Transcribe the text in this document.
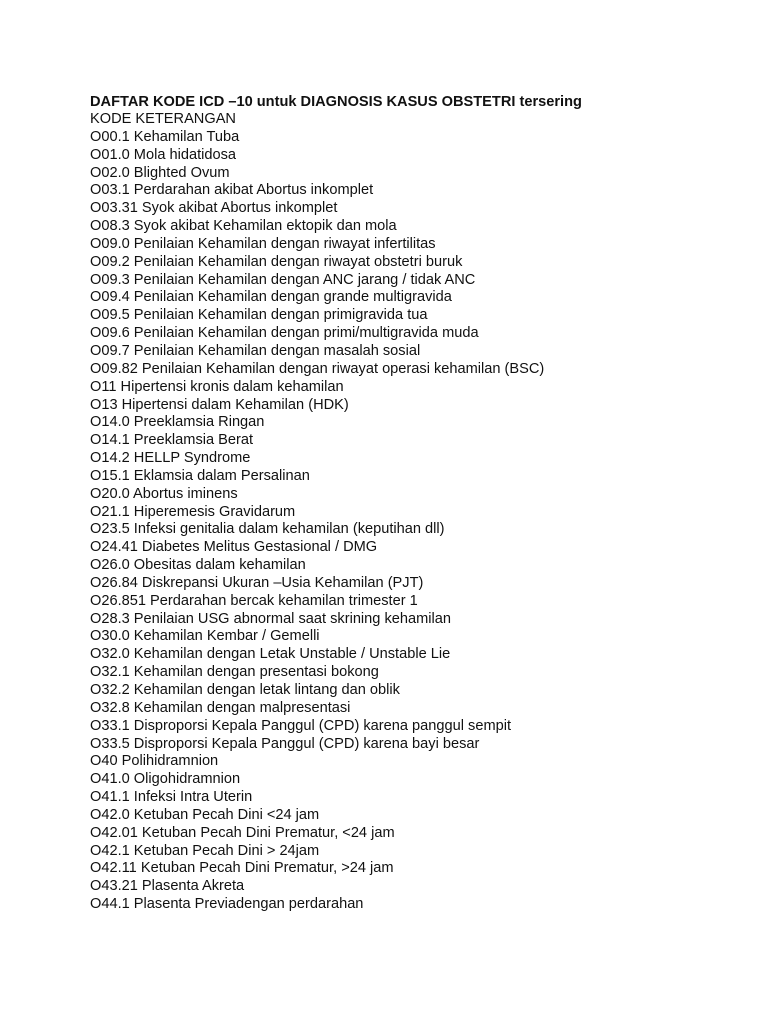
DAFTAR KODE ICD –10 untuk DIAGNOSIS KASUS OBSTETRI tersering
KODE KETERANGAN
O00.1 Kehamilan Tuba
O01.0 Mola hidatidosa
O02.0 Blighted Ovum
O03.1 Perdarahan akibat Abortus inkomplet
O03.31 Syok akibat Abortus inkomplet
O08.3 Syok akibat Kehamilan ektopik dan mola
O09.0 Penilaian Kehamilan dengan riwayat infertilitas
O09.2 Penilaian Kehamilan dengan riwayat obstetri buruk
O09.3 Penilaian Kehamilan dengan ANC jarang / tidak ANC
O09.4 Penilaian Kehamilan dengan grande multigravida
O09.5 Penilaian Kehamilan dengan primigravida tua
O09.6 Penilaian Kehamilan dengan primi/multigravida muda
O09.7 Penilaian Kehamilan dengan masalah sosial
O09.82 Penilaian Kehamilan dengan riwayat operasi kehamilan (BSC)
O11 Hipertensi kronis dalam kehamilan
O13 Hipertensi dalam Kehamilan (HDK)
O14.0 Preeklamsia Ringan
O14.1 Preeklamsia Berat
O14.2 HELLP Syndrome
O15.1 Eklamsia dalam Persalinan
O20.0 Abortus iminens
O21.1 Hiperemesis Gravidarum
O23.5 Infeksi genitalia dalam kehamilan (keputihan dll)
O24.41 Diabetes Melitus Gestasional / DMG
O26.0 Obesitas dalam kehamilan
O26.84 Diskrepansi Ukuran –Usia Kehamilan (PJT)
O26.851 Perdarahan bercak kehamilan trimester 1
O28.3 Penilaian USG abnormal saat skrining kehamilan
O30.0 Kehamilan Kembar / Gemelli
O32.0 Kehamilan dengan Letak Unstable / Unstable Lie
O32.1 Kehamilan dengan presentasi bokong
O32.2 Kehamilan dengan letak lintang dan oblik
O32.8 Kehamilan dengan malpresentasi
O33.1 Disproporsi Kepala Panggul (CPD) karena panggul sempit
O33.5 Disproporsi Kepala Panggul (CPD) karena bayi besar
O40 Polihidramnion
O41.0 Oligohidramnion
O41.1 Infeksi Intra Uterin
O42.0 Ketuban Pecah Dini <24 jam
O42.01 Ketuban Pecah Dini Prematur, <24 jam
O42.1 Ketuban Pecah Dini > 24jam
O42.11 Ketuban Pecah Dini Prematur, >24 jam
O43.21 Plasenta Akreta
O44.1 Plasenta Previadengan perdarahan
